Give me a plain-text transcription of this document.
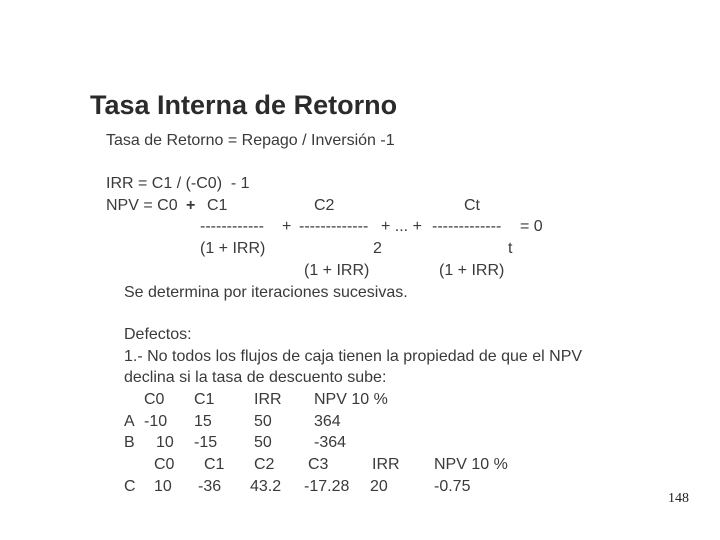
Tasa Interna de Retorno
Tasa de Retorno = Repago / Inversión -1
IRR = C1 / (-C0)  - 1
NPV = C0 + C1	C2	Ct
------------ + ------------- + ... + ------------- = 0
(1 + IRR)	2	t
(1 + IRR)	(1 + IRR)
Se determina por iteraciones sucesivas.
Defectos:
1.- No todos los flujos de caja tienen la propiedad de que el NPV
declina si la tasa de descuento sube:
C0 C1 IRR NPV 10 %
A -10 15	50	364
B 10 -15 50	-364
C0 C1 C2 C3	IRR NPV 10 %
C 10 -36 43.2 -17.28 20	-0.75
148
